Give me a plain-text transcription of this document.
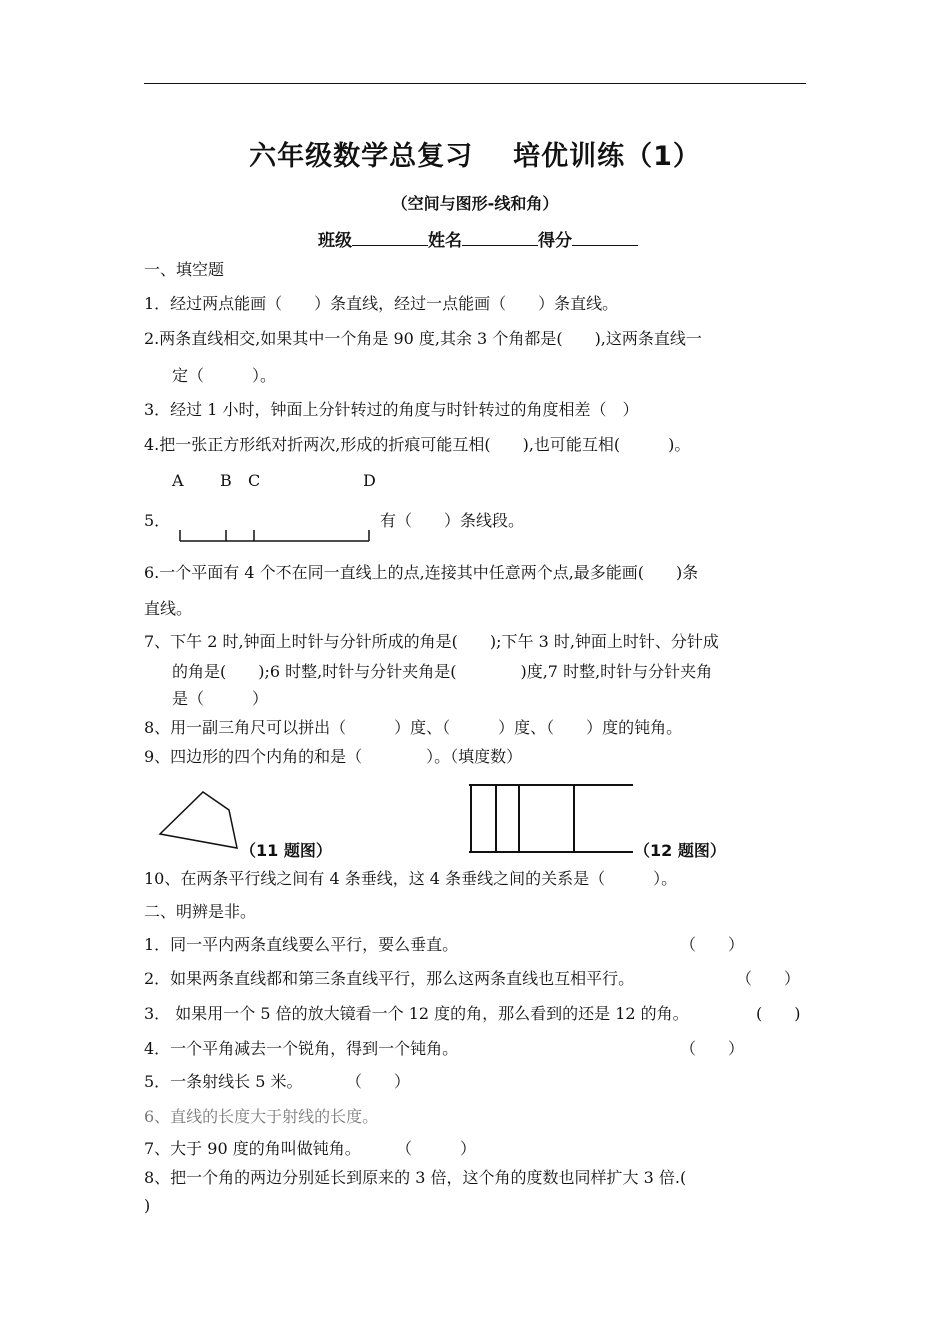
六年级数学总复习 培优训练（1）
（空间与图形-线和角）
班级	姓名	得分
一、填空题
1．经过两点能画（　　）条直线，经过一点能画（　　）条直线。
2.两条直线相交,如果其中一个角是 90 度,其余 3 个角都是(　　),这两条直线一
定（　　　）。
3．经过 1 小时，钟面上分针转过的角度与时针转过的角度相差（　）
4.把一张正方形纸对折两次,形成的折痕可能互相(　　),也可能互相(　　　)。
A B C	D
5．	有（　　）条线段。
6.一个平面有 4 个不在同一直线上的点,连接其中任意两个点,最多能画(　　)条
直线。
7、下午 2 时,钟面上时针与分针所成的角是(　　);下午 3 时,钟面上时针、分针成
的角是(　　);6 时整,时针与分针夹角是(　　　　)度,7 时整,时针与分针夹角
是（　　　）
8、用一副三角尺可以拼出（　　　）度、（　　　）度、（　　）度的钝角。
9、四边形的四个内角的和是（　　　　）。（填度数）
（11 题图）	（12 题图）
10、在两条平行线之间有 4 条垂线，这 4 条垂线之间的关系是（　　　）。
二、明辨是非。
1．同一平内两条直线要么平行，要么垂直。	（　　）
2．如果两条直线都和第三条直线平行，那么这两条直线也互相平行。	（　　）
3． 如果用一个 5 倍的放大镜看一个 12 度的角，那么看到的还是 12 的角。	(　　)
4．一个平角减去一个锐角，得到一个钝角。	（　　）
5．一条射线长 5 米。	（　　）
6、直线的长度大于射线的长度。
7、大于 90 度的角叫做钝角。 （　　　）
8、把一个角的两边分别延长到原来的 3 倍，这个角的度数也同样扩大 3 倍.(
)
